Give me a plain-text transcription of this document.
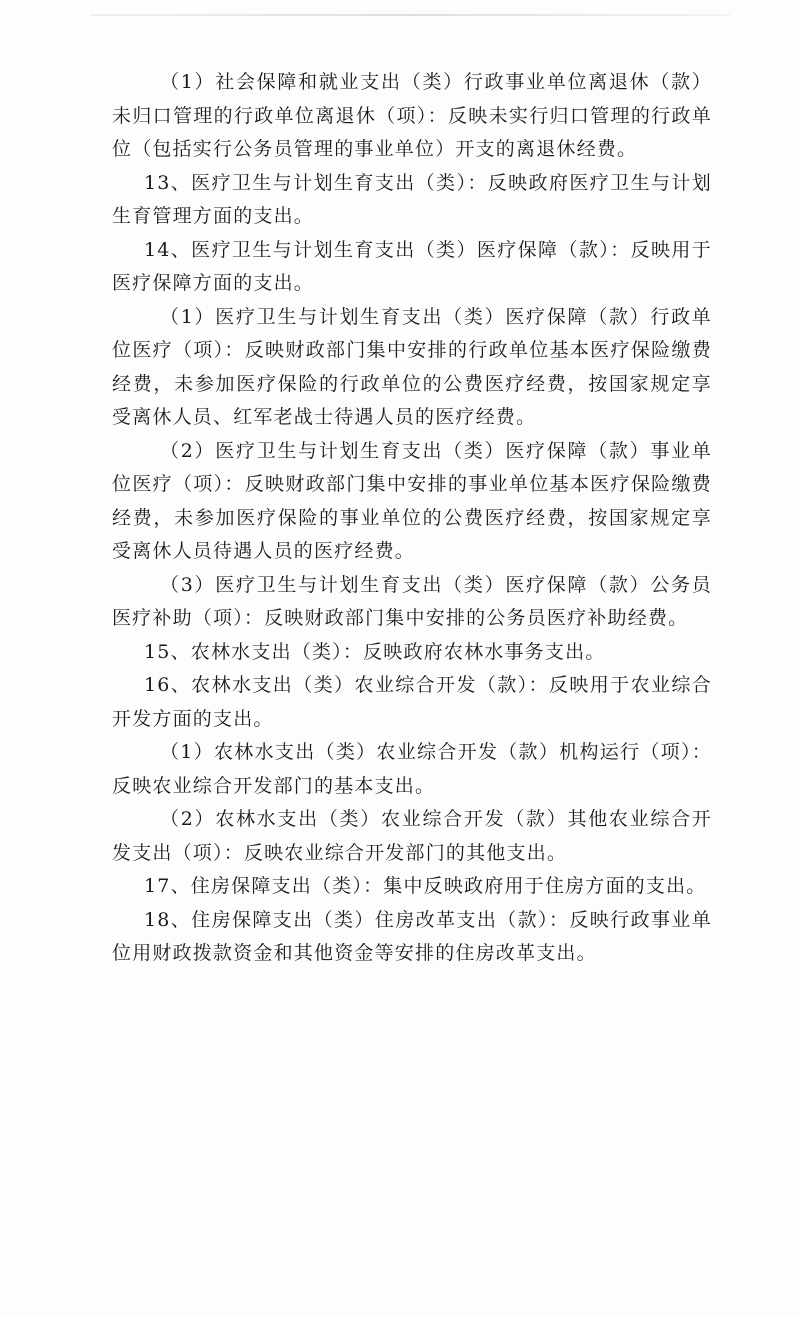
（1）社会保障和就业支出（类）行政事业单位离退休（款）未归口管理的行政单位离退休（项）：反映未实行归口管理的行政单位（包括实行公务员管理的事业单位）开支的离退休经费。

13、医疗卫生与计划生育支出（类）：反映政府医疗卫生与计划生育管理方面的支出。

14、医疗卫生与计划生育支出（类）医疗保障（款）：反映用于医疗保障方面的支出。

（1）医疗卫生与计划生育支出（类）医疗保障（款）行政单位医疗（项）：反映财政部门集中安排的行政单位基本医疗保险缴费经费，未参加医疗保险的行政单位的公费医疗经费，按国家规定享受离休人员、红军老战士待遇人员的医疗经费。

（2）医疗卫生与计划生育支出（类）医疗保障（款）事业单位医疗（项）：反映财政部门集中安排的事业单位基本医疗保险缴费经费，未参加医疗保险的事业单位的公费医疗经费，按国家规定享受离休人员待遇人员的医疗经费。

（3）医疗卫生与计划生育支出（类）医疗保障（款）公务员医疗补助（项）：反映财政部门集中安排的公务员医疗补助经费。

15、农林水支出（类）：反映政府农林水事务支出。

16、农林水支出（类）农业综合开发（款）：反映用于农业综合开发方面的支出。

（1）农林水支出（类）农业综合开发（款）机构运行（项）：反映农业综合开发部门的基本支出。

（2）农林水支出（类）农业综合开发（款）其他农业综合开发支出（项）：反映农业综合开发部门的其他支出。

17、住房保障支出（类）：集中反映政府用于住房方面的支出。

18、住房保障支出（类）住房改革支出（款）：反映行政事业单位用财政拨款资金和其他资金等安排的住房改革支出。
